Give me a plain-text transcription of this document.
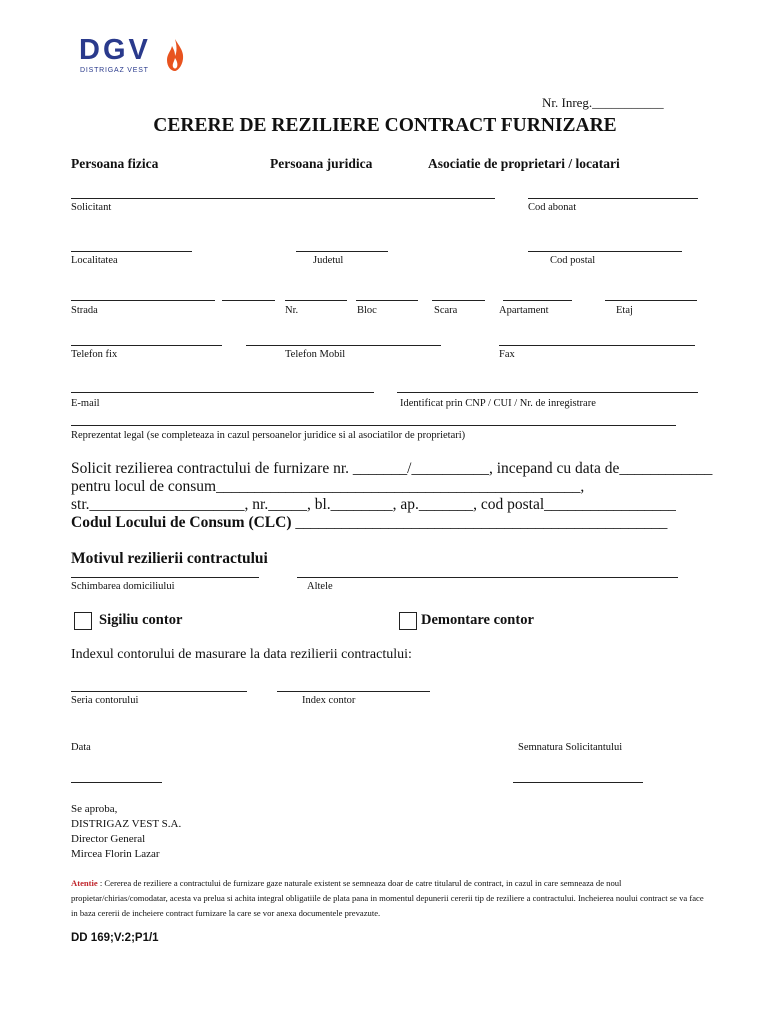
DGV
DISTRIGAZ VEST
Nr. Inreg.___________
CERERE DE REZILIERE CONTRACT FURNIZARE
Persoana fizica	Persoana juridica	Asociatie de proprietari / locatari
Solicitant	Cod abonat
Localitatea	Judetul	Cod postal
Strada	Nr.	Bloc	Scara	Apartament	Etaj
Telefon fix	Telefon Mobil	Fax
E-mail	Identificat prin CNP / CUI / Nr. de inregistrare
Reprezentat legal (se completeaza in cazul persoanelor juridice si al asociatilor de proprietari)
Solicit rezilierea contractului de furnizare nr. _______/__________, incepand cu data de____________
pentru locul de consum_______________________________________________,
str.____________________, nr._____, bl.________, ap._______, cod postal_________________
Codul Locului de Consum (CLC) ________________________________________________
Motivul rezilierii contractului
Schimbarea domiciliului	Altele
Sigiliu contor	Demontare contor
Indexul contorului de masurare la data rezilierii contractului:
Seria contorului	Index contor
Data	Semnatura Solicitantului
Se aproba,
DISTRIGAZ VEST S.A.
Director General
Mircea Florin Lazar
Atentie : Cererea de reziliere a contractului de furnizare gaze naturale existent se semneaza doar de catre titularul de contract, in cazul in care semneaza de noul propietar/chirias/comodatar, acesta va prelua si achita integral obligatiile de plata pana in momentul depunerii cererii tip de reziliere a contractului. Incheierea noului contract se va face in baza cererii de incheiere contract furnizare la care se vor anexa documentele prevazute.
DD 169;V:2;P1/1
